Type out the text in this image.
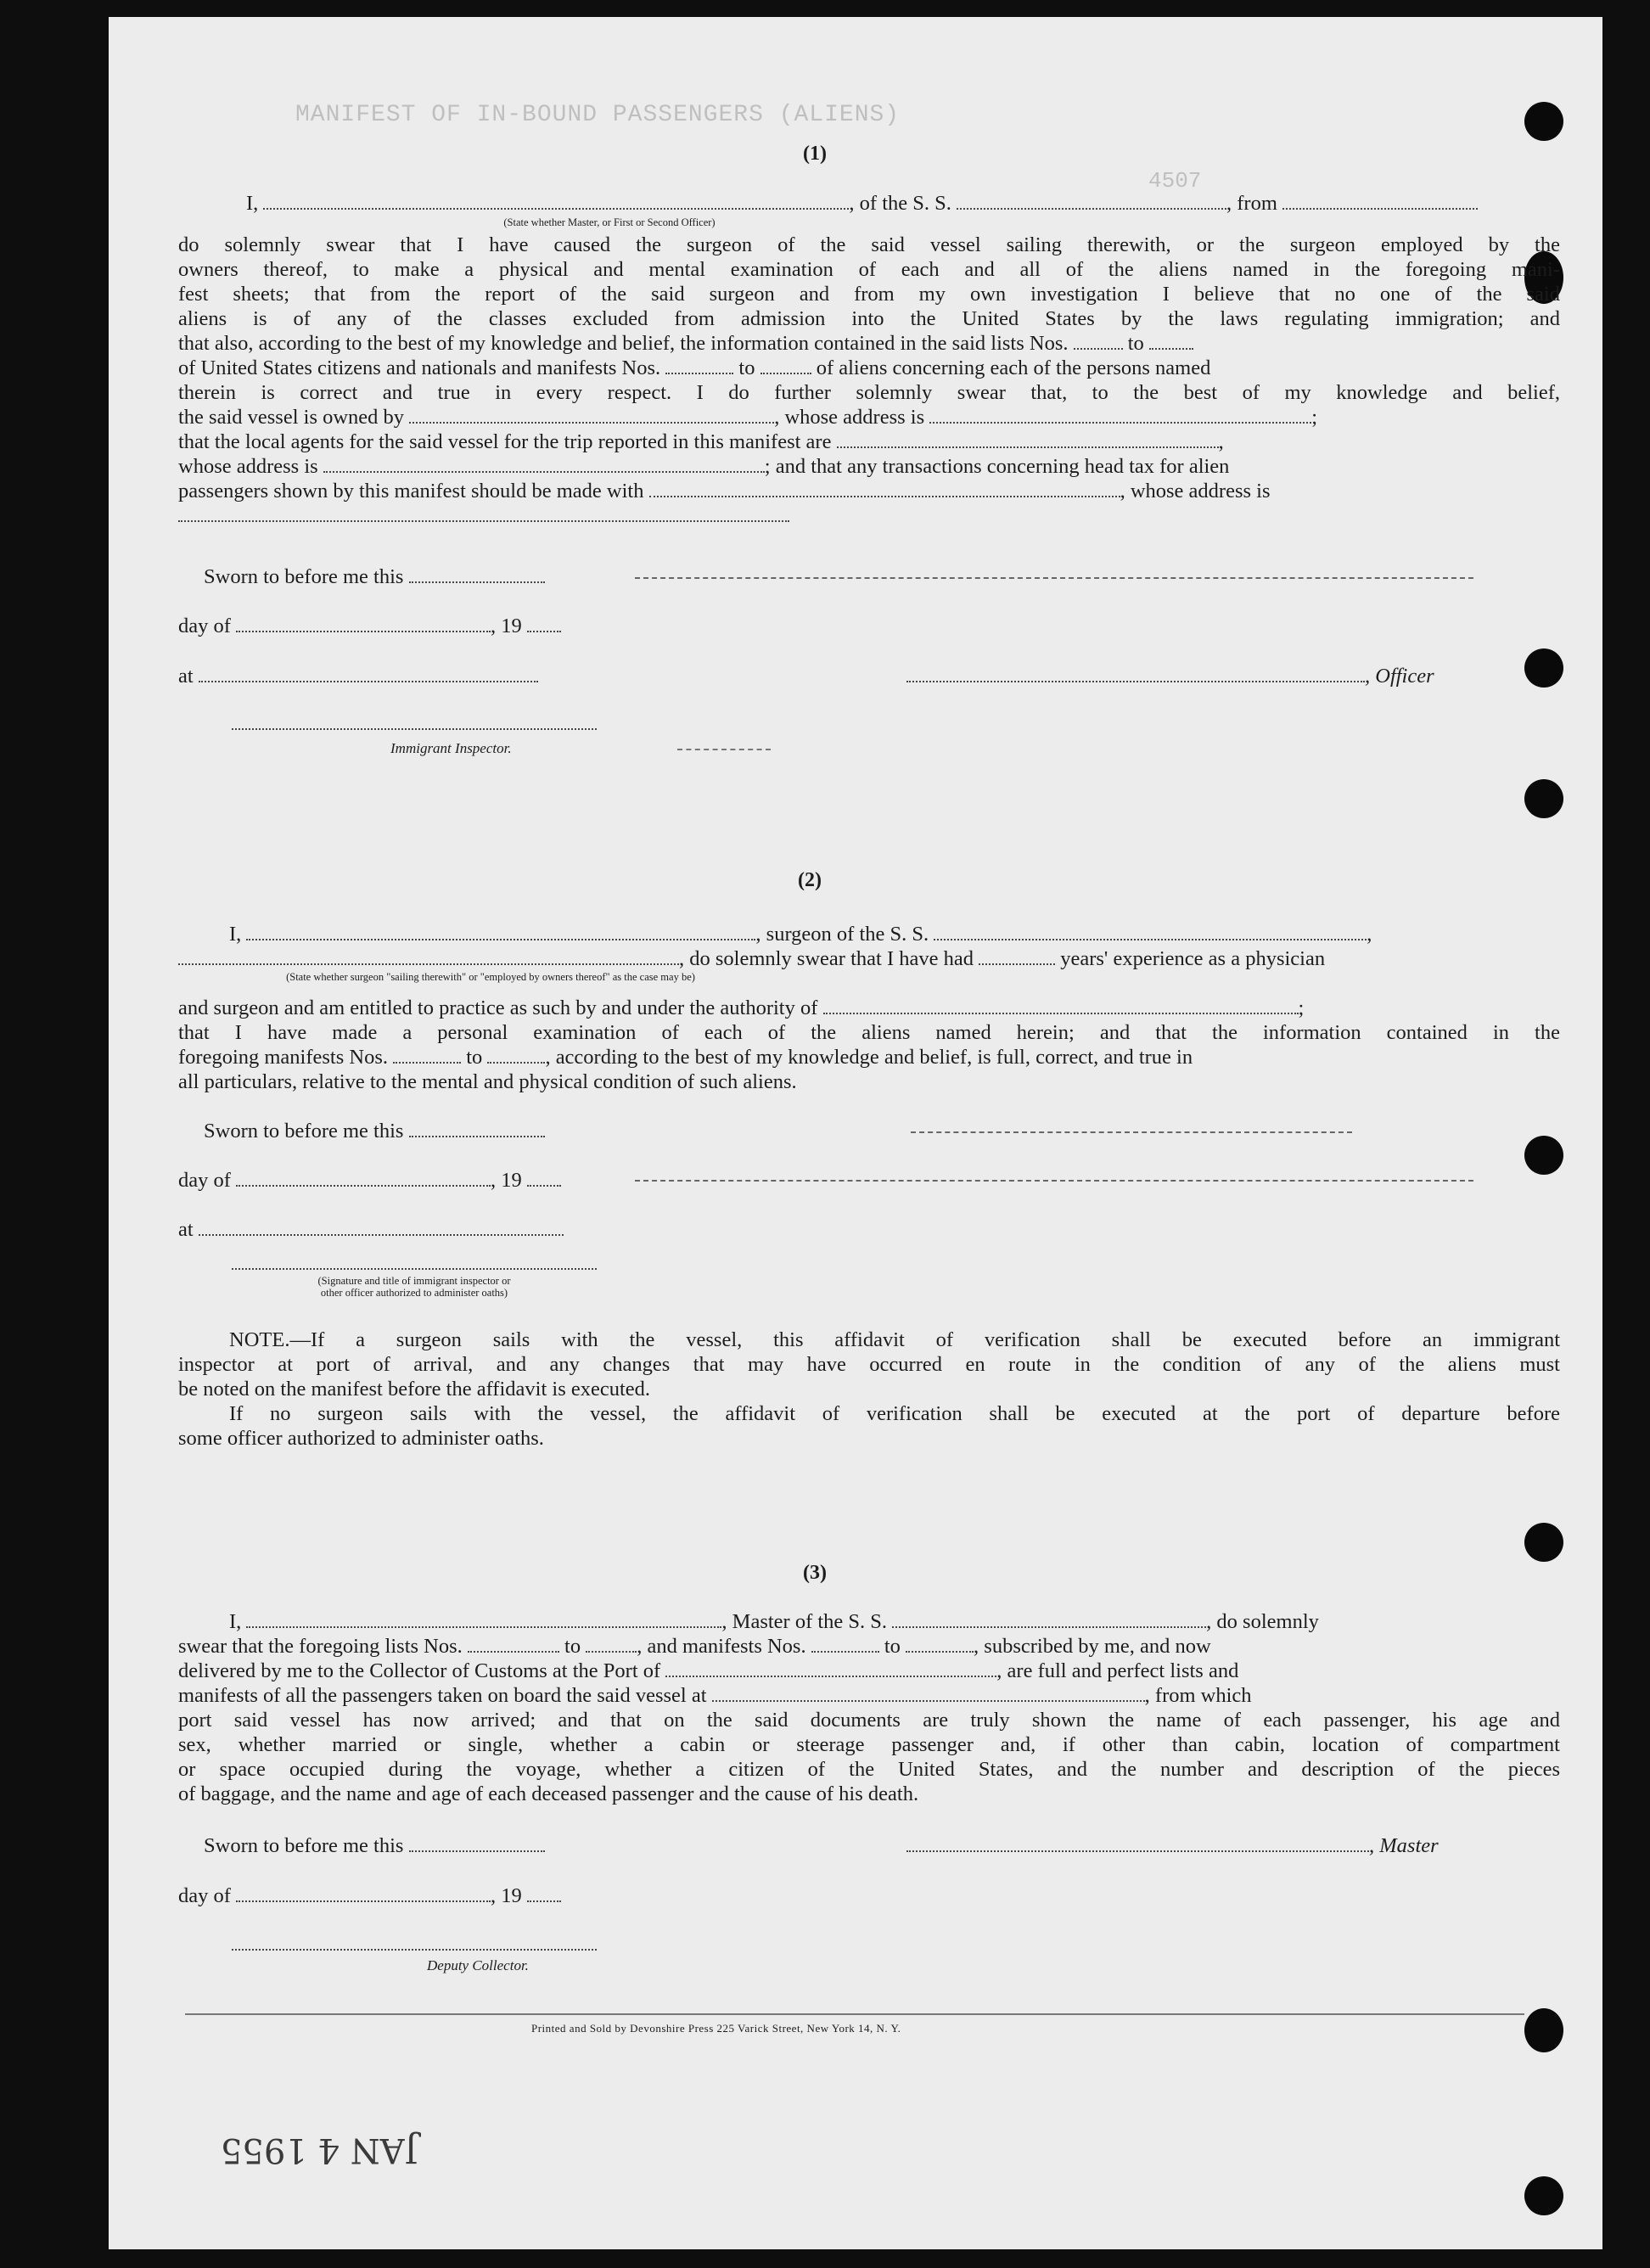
MANIFEST OF IN-BOUND PASSENGERS (ALIENS)
4507
(1)
I,	, of the S. S.	, from
(State whether Master, or First or Second Officer)
do solemnly swear that I have caused the surgeon of the said vessel sailing therewith, or the surgeon employed by the
owners thereof, to make a physical and mental examination of each and all of the aliens named in the foregoing mani-
fest sheets; that from the report of the said surgeon and from my own investigation I believe that no one of the said
aliens is of any of the classes excluded from admission into the United States by the laws regulating immigration; and
that also, according to the best of my knowledge and belief, the information contained in the said lists Nos.	to
of United States citizens and nationals and manifests Nos.	to	of aliens concerning each of the persons named
therein is correct and true in every respect. I do further solemnly swear that, to the best of my knowledge and belief,
the said vessel is owned by	, whose address is	;
that the local agents for the said vessel for the trip reported in this manifest are	,
whose address is	; and that any transactions concerning head tax for alien
passengers shown by this manifest should be made with	, whose address is
Sworn to before me this
day of	, 19
at	, Officer
Immigrant Inspector.
(2)
I,	, surgeon of the S. S.	,
, do solemnly swear that I have had	years' experience as a physician
(State whether surgeon "sailing therewith" or "employed by owners thereof" as the case may be)
and surgeon and am entitled to practice as such by and under the authority of	;
that I have made a personal examination of each of the aliens named herein; and that the information contained in the
foregoing manifests Nos.	to	, according to the best of my knowledge and belief, is full, correct, and true in
all particulars, relative to the mental and physical condition of such aliens.
Sworn to before me this
day of	, 19
at
(Signature and title of immigrant inspector or
other officer authorized to administer oaths)
NOTE.—If a surgeon sails with the vessel, this affidavit of verification shall be executed before an immigrant
inspector at port of arrival, and any changes that may have occurred en route in the condition of any of the aliens must
be noted on the manifest before the affidavit is executed.
If no surgeon sails with the vessel, the affidavit of verification shall be executed at the port of departure before
some officer authorized to administer oaths.
(3)
I,	, Master of the S. S.	, do solemnly
swear that the foregoing lists Nos.	to	, and manifests Nos.	to	, subscribed by me, and now
delivered by me to the Collector of Customs at the Port of	, are full and perfect lists and
manifests of all the passengers taken on board the said vessel at	, from which
port said vessel has now arrived; and that on the said documents are truly shown the name of each passenger, his age and
sex, whether married or single, whether a cabin or steerage passenger and, if other than cabin, location of compartment
or space occupied during the voyage, whether a citizen of the United States, and the number and description of the pieces
of baggage, and the name and age of each deceased passenger and the cause of his death.
Sworn to before me this	, Master
day of	, 19
Deputy Collector.
Printed and Sold by Devonshire Press 225 Varick Street, New York 14, N. Y.
JAN 4 1955
